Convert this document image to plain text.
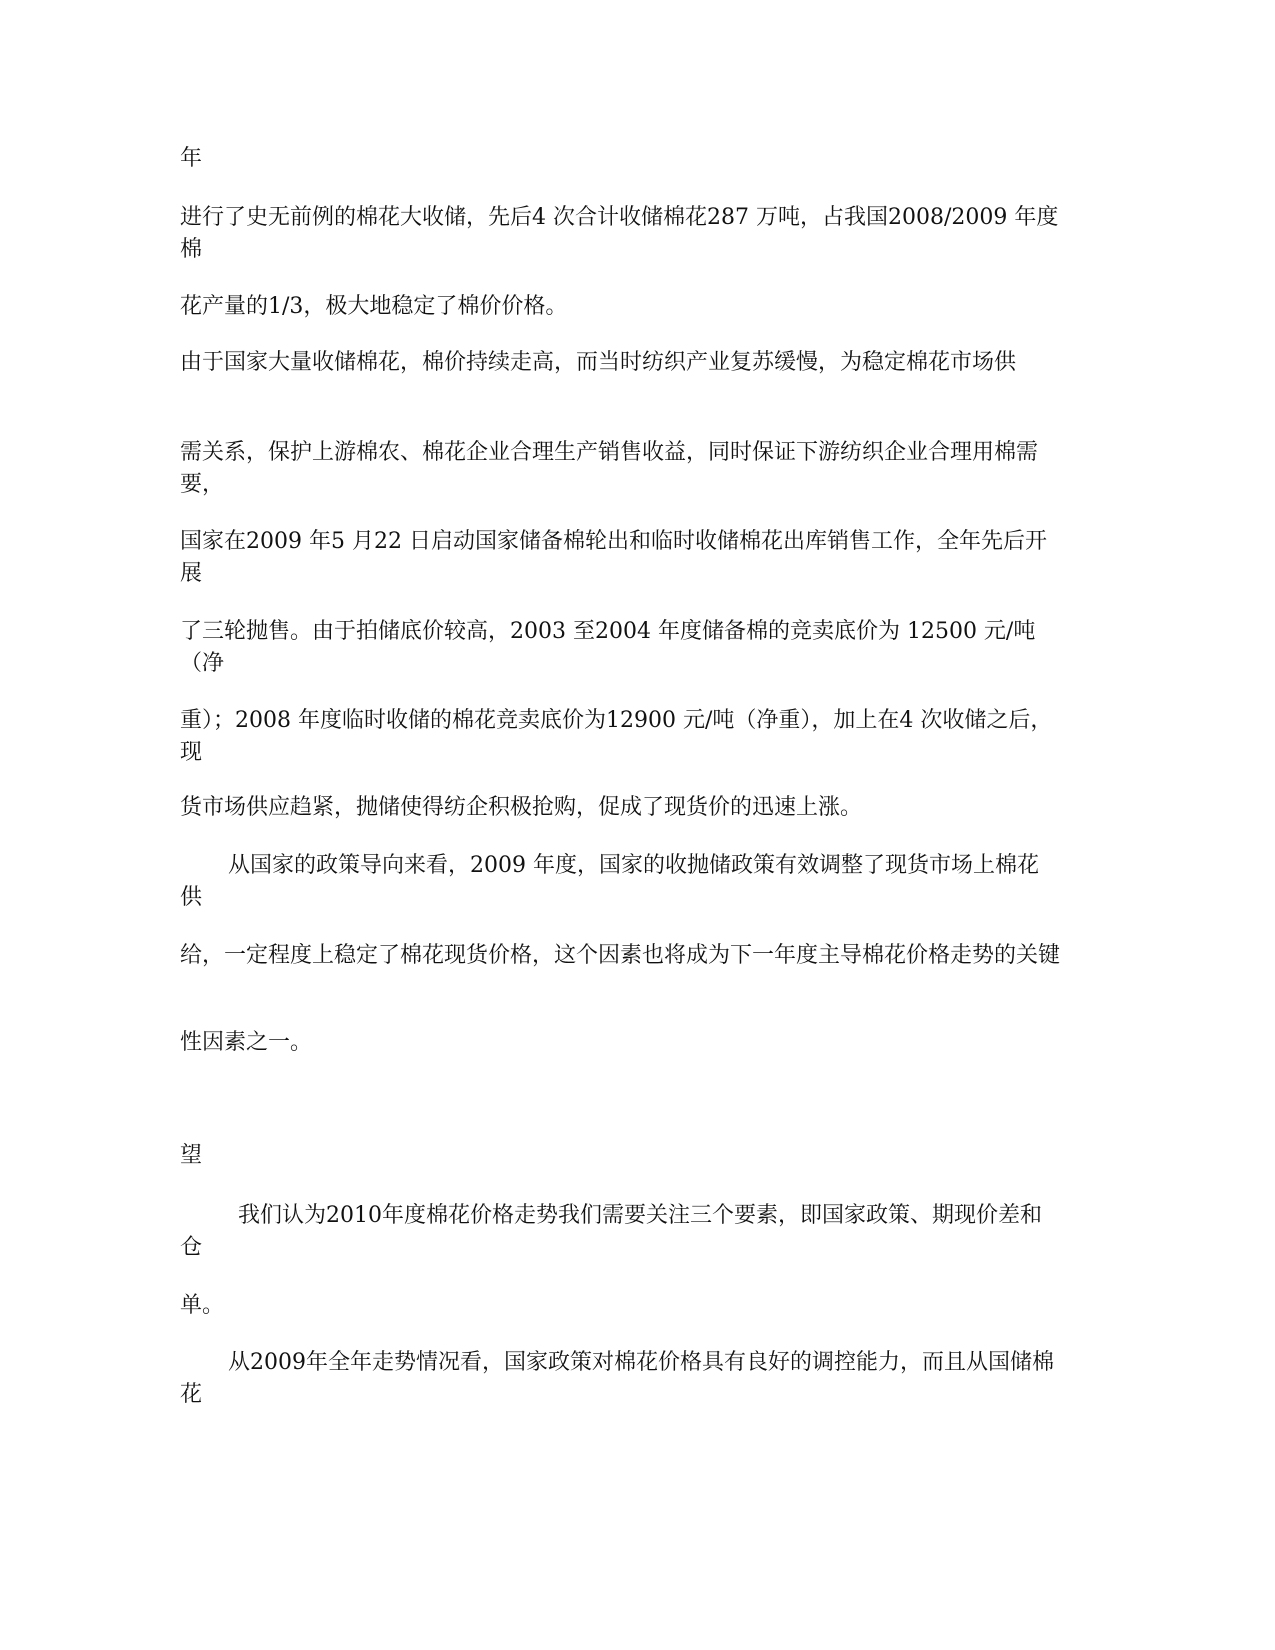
年
进行了史无前例的棉花大收储，先后4 次合计收储棉花287 万吨，占我国2008/2009 年度棉
花产量的1/3，极大地稳定了棉价价格。
由于国家大量收储棉花，棉价持续走高，而当时纺织产业复苏缓慢，为稳定棉花市场供
需关系，保护上游棉农、棉花企业合理生产销售收益，同时保证下游纺织企业合理用棉需要，
国家在2009 年5 月22 日启动国家储备棉轮出和临时收储棉花出库销售工作，全年先后开展
了三轮抛售。由于拍储底价较高，2003 至2004 年度储备棉的竞卖底价为 12500 元/吨（净
重）；2008 年度临时收储的棉花竞卖底价为12900 元/吨（净重），加上在4 次收储之后，现
货市场供应趋紧，抛储使得纺企积极抢购，促成了现货价的迅速上涨。
从国家的政策导向来看，2009 年度，国家的收抛储政策有效调整了现货市场上棉花供
给，一定程度上稳定了棉花现货价格，这个因素也将成为下一年度主导棉花价格走势的关键
性因素之一。
望
我们认为2010年度棉花价格走势我们需要关注三个要素，即国家政策、期现价差和仓
单。
从2009年全年走势情况看，国家政策对棉花价格具有良好的调控能力，而且从国储棉花
